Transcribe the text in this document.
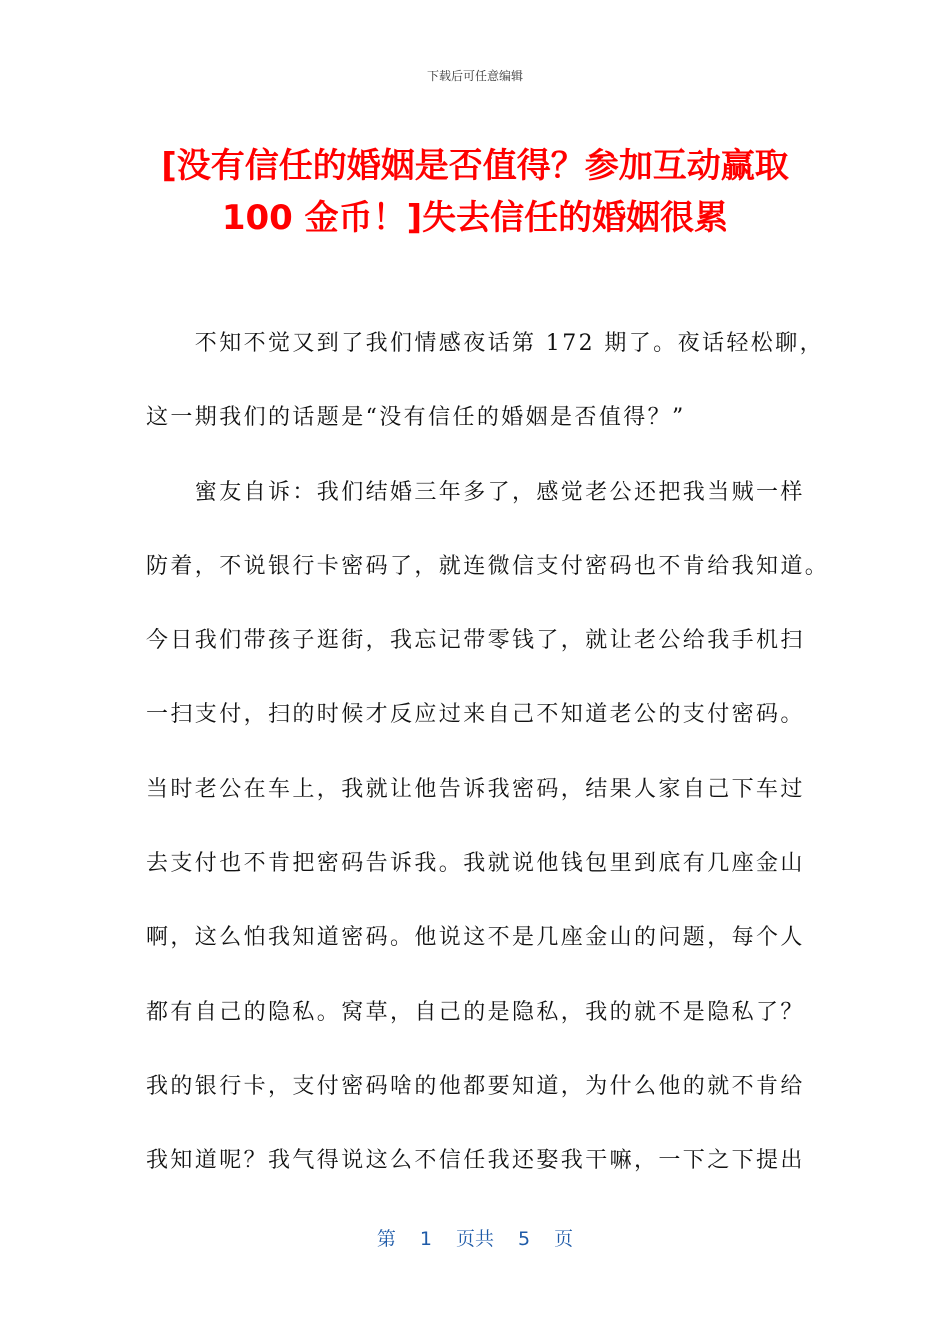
下载后可任意编辑
[没有信任的婚姻是否值得？参加互动赢取
100 金币！]失去信任的婚姻很累
　　不知不觉又到了我们情感夜话第 172 期了。夜话轻松聊，
这一期我们的话题是“没有信任的婚姻是否值得？”
　　蜜友自诉：我们结婚三年多了，感觉老公还把我当贼一样
防着，不说银行卡密码了，就连微信支付密码也不肯给我知道。
今日我们带孩子逛街，我忘记带零钱了，就让老公给我手机扫
一扫支付，扫的时候才反应过来自己不知道老公的支付密码。
当时老公在车上，我就让他告诉我密码，结果人家自己下车过
去支付也不肯把密码告诉我。我就说他钱包里到底有几座金山
啊，这么怕我知道密码。他说这不是几座金山的问题，每个人
都有自己的隐私。窝草，自己的是隐私，我的就不是隐私了？
我的银行卡，支付密码啥的他都要知道，为什么他的就不肯给
我知道呢？我气得说这么不信任我还娶我干嘛，一下之下提出
第 1 页共 5 页
